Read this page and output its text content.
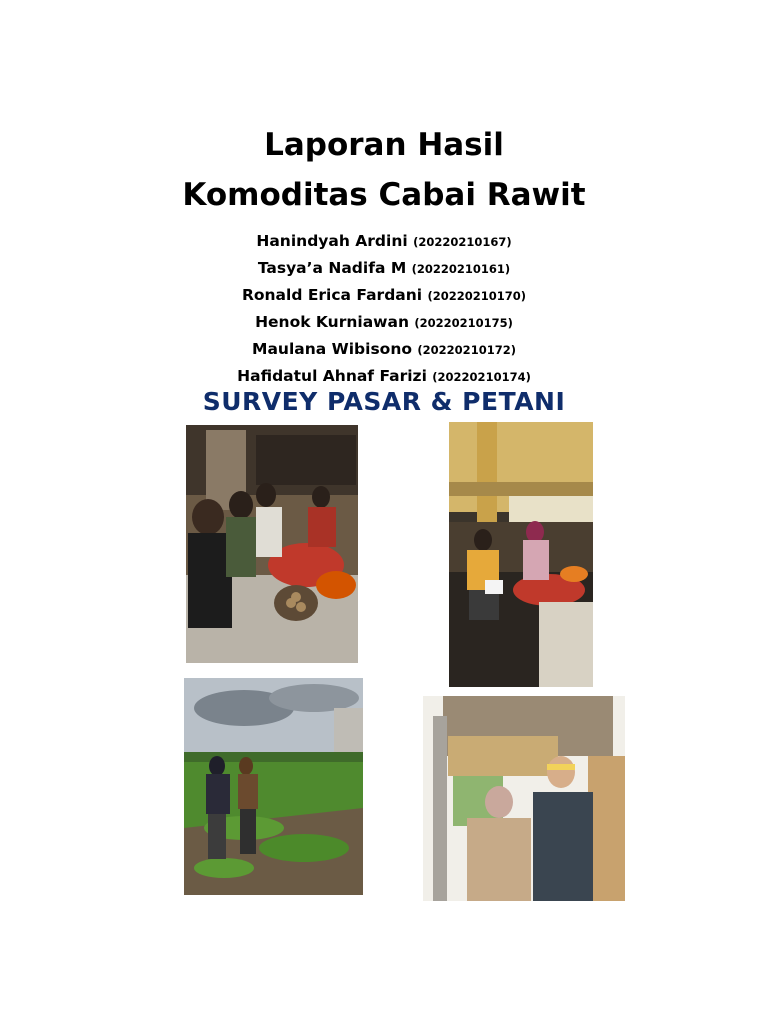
Laporan Hasil
Komoditas Cabai Rawit
Hanindyah Ardini (20220210167)
Tasya’a Nadifa M (20220210161)
Ronald Erica Fardani (20220210170)
Henok Kurniawan (20220210175)
Maulana Wibisono (20220210172)
Hafidatul Ahnaf Farizi (20220210174)
SURVEY PASAR & PETANI
